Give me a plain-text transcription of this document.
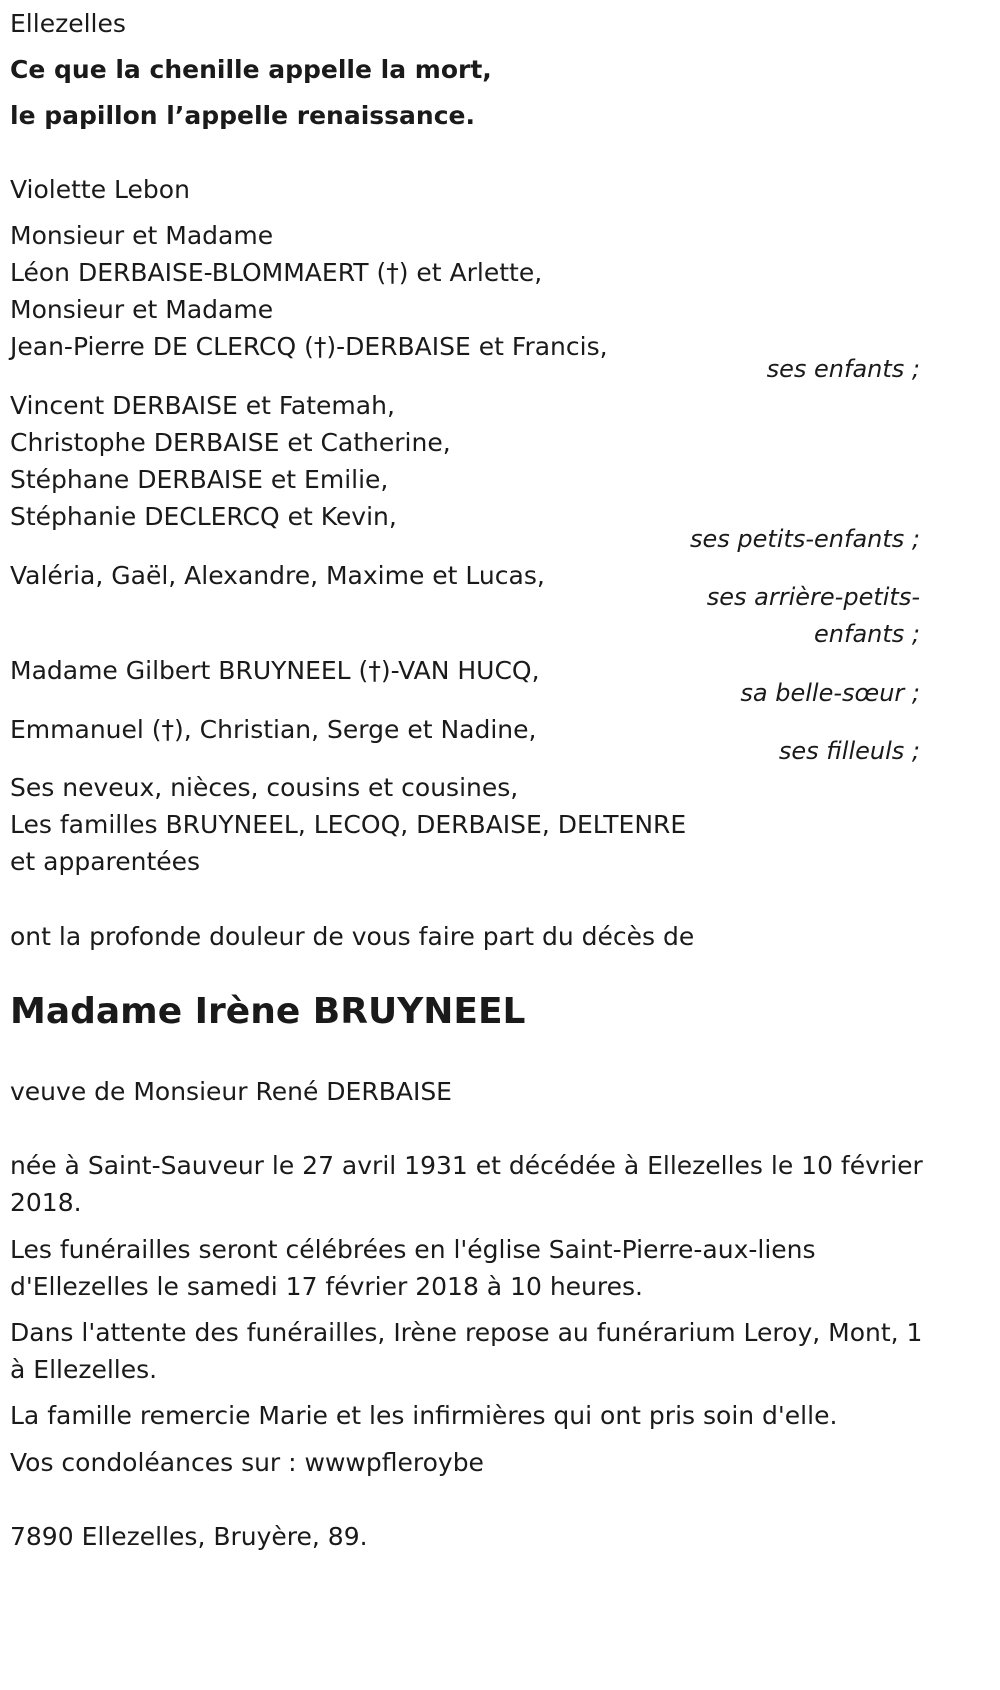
Ellezelles
Ce que la chenille appelle la mort,
le papillon l’appelle renaissance.
Violette Lebon
Monsieur et Madame
Léon DERBAISE-BLOMMAERT (†) et Arlette,
Monsieur et Madame
Jean-Pierre DE CLERCQ (†)-DERBAISE et Francis,
ses enfants ;
Vincent DERBAISE et Fatemah,
Christophe DERBAISE et Catherine,
Stéphane DERBAISE et Emilie,
Stéphanie DECLERCQ et Kevin,
ses petits-enfants ;
Valéria, Gaël, Alexandre, Maxime et Lucas,
ses arrière-petits-
enfants ;
Madame Gilbert BRUYNEEL (†)-VAN HUCQ,
sa belle-sœur ;
Emmanuel (†), Christian, Serge et Nadine,
ses filleuls ;
Ses neveux, nièces, cousins et cousines,
Les familles BRUYNEEL, LECOQ, DERBAISE, DELTENRE
et apparentées
ont la profonde douleur de vous faire part du décès de
Madame Irène BRUYNEEL
veuve de Monsieur René DERBAISE
née à Saint-Sauveur le 27 avril 1931 et décédée à Ellezelles le 10 février
2018.
Les funérailles seront célébrées en l'église Saint-Pierre-aux-liens
d'Ellezelles le samedi 17 février 2018 à 10 heures.
Dans l'attente des funérailles, Irène repose au funérarium Leroy, Mont, 1
à Ellezelles.
La famille remercie Marie et les infirmières qui ont pris soin d'elle.
Vos condoléances sur : wwwpfleroybe
7890 Ellezelles, Bruyère, 89.
